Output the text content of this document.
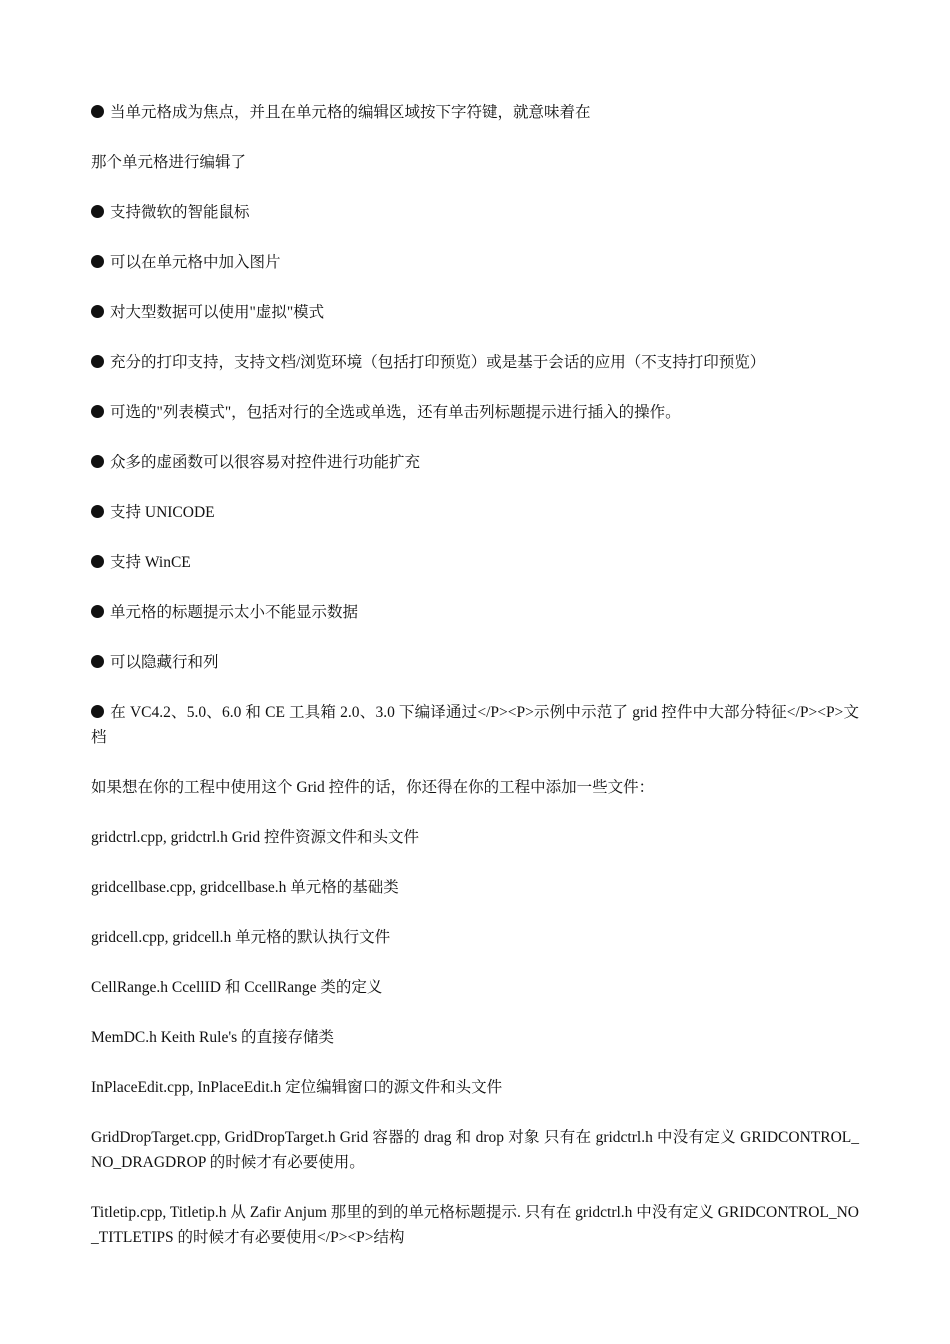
当单元格成为焦点，并且在单元格的编辑区域按下字符键，就意味着在

那个单元格进行编辑了

支持微软的智能鼠标

可以在单元格中加入图片

对大型数据可以使用"虚拟"模式

充分的打印支持，支持文档/浏览环境（包括打印预览）或是基于会话的应用（不支持打印预览）

可选的"列表模式"，包括对行的全选或单选，还有单击列标题提示进行插入的操作。

众多的虚函数可以很容易对控件进行功能扩充

支持 UNICODE

支持 WinCE

单元格的标题提示太小不能显示数据

可以隐藏行和列

在 VC4.2、5.0、6.0 和 CE 工具箱 2.0、3.0 下编译通过</P><P>示例中示范了 grid 控件中大部分特征</P><P>文档

如果想在你的工程中使用这个 Grid 控件的话，你还得在你的工程中添加一些文件：

gridctrl.cpp, gridctrl.h Grid 控件资源文件和头文件

gridcellbase.cpp, gridcellbase.h 单元格的基础类

gridcell.cpp, gridcell.h 单元格的默认执行文件

CellRange.h CcellID 和 CcellRange 类的定义

MemDC.h Keith Rule's 的直接存储类

InPlaceEdit.cpp, InPlaceEdit.h 定位编辑窗口的源文件和头文件

GridDropTarget.cpp, GridDropTarget.h Grid 容器的 drag 和 drop 对象 只有在 gridctrl.h 中没有定义 GRIDCONTROL_NO_DRAGDROP 的时候才有必要使用。

Titletip.cpp, Titletip.h 从 Zafir Anjum 那里的到的单元格标题提示. 只有在 gridctrl.h 中没有定义 GRIDCONTROL_NO_TITLETIPS 的时候才有必要使用</P><P>结构
